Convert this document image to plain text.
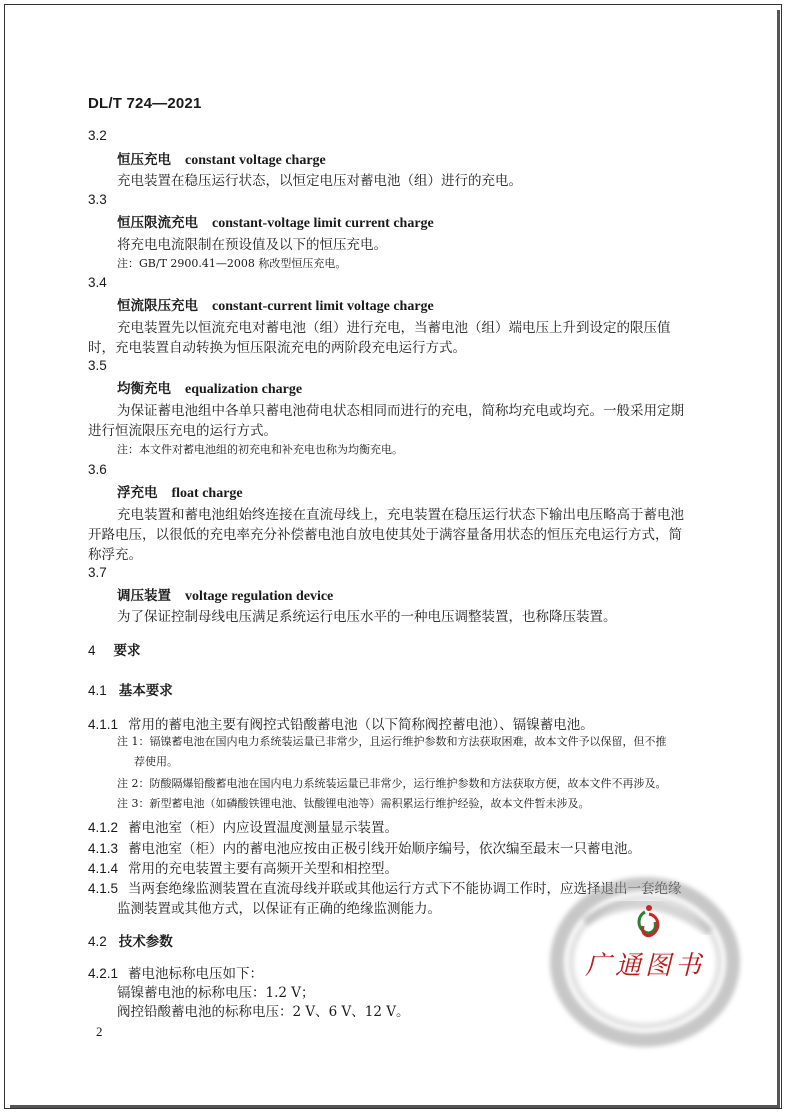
DL/T 724—2021
3.2
恒压充电 constant voltage charge
充电装置在稳压运行状态，以恒定电压对蓄电池（组）进行的充电。
3.3
恒压限流充电 constant-voltage limit current charge
将充电电流限制在预设值及以下的恒压充电。
注：GB/T 2900.41—2008 称改型恒压充电。
3.4
恒流限压充电 constant-current limit voltage charge
充电装置先以恒流充电对蓄电池（组）进行充电，当蓄电池（组）端电压上升到设定的限压值
时，充电装置自动转换为恒压限流充电的两阶段充电运行方式。
3.5
均衡充电 equalization charge
为保证蓄电池组中各单只蓄电池荷电状态相同而进行的充电，简称均充电或均充。一般采用定期
进行恒流限压充电的运行方式。
注：本文件对蓄电池组的初充电和补充电也称为均衡充电。
3.6
浮充电 float charge
充电装置和蓄电池组始终连接在直流母线上，充电装置在稳压运行状态下输出电压略高于蓄电池
开路电压，以很低的充电率充分补偿蓄电池自放电使其处于满容量备用状态的恒压充电运行方式，简
称浮充。
3.7
调压装置 voltage regulation device
为了保证控制母线电压满足系统运行电压水平的一种电压调整装置，也称降压装置。
4 要求
4.1 基本要求
4.1.1 常用的蓄电池主要有阀控式铅酸蓄电池（以下简称阀控蓄电池）、镉镍蓄电池。
注 1：镉镍蓄电池在国内电力系统装运量已非常少，且运行维护参数和方法获取困难，故本文件予以保留，但不推
荐使用。
注 2：防酸隔爆铅酸蓄电池在国内电力系统装运量已非常少，运行维护参数和方法获取方便，故本文件不再涉及。
注 3：新型蓄电池（如磷酸铁锂电池、钛酸锂电池等）需积累运行维护经验，故本文件暂未涉及。
4.1.2 蓄电池室（柜）内应设置温度测量显示装置。
4.1.3 蓄电池室（柜）内的蓄电池应按由正极引线开始顺序编号，依次编至最末一只蓄电池。
4.1.4 常用的充电装置主要有高频开关型和相控型。
4.1.5 当两套绝缘监测装置在直流母线并联或其他运行方式下不能协调工作时，应选择退出一套绝缘
监测装置或其他方式，以保证有正确的绝缘监测能力。
4.2 技术参数
4.2.1 蓄电池标称电压如下：
镉镍蓄电池的标称电压：1.2 V；
阀控铅酸蓄电池的标称电压：2 V、6 V、12 V。
2
广通图书
